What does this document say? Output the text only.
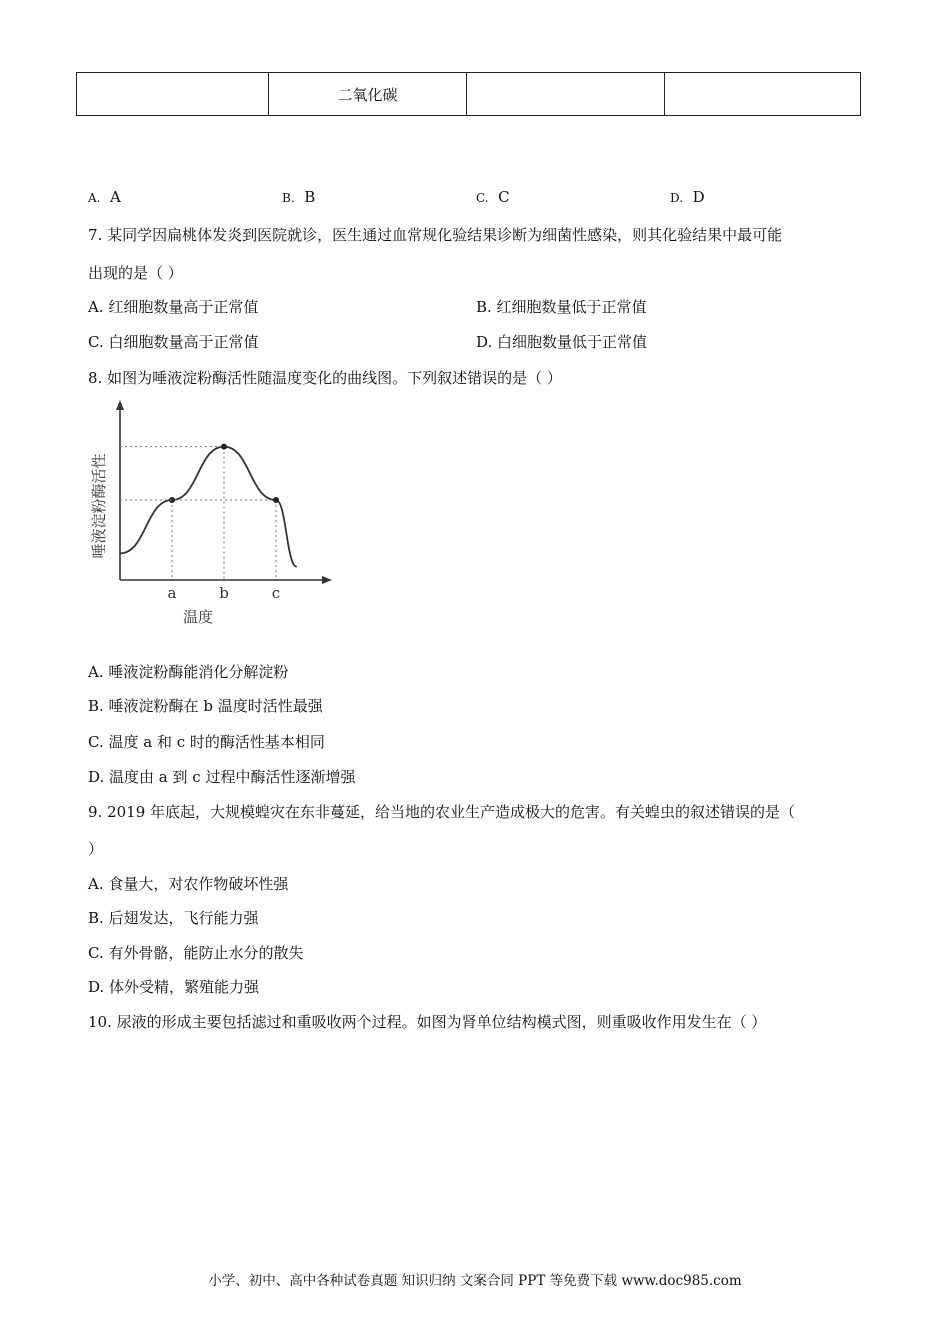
	二氧化碳		
A. A	B. B	C. C	D. D
7. 某同学因扁桃体发炎到医院就诊，医生通过血常规化验结果诊断为细菌性感染，则其化验结果中最可能
出现的是（ ）
A. 红细胞数量高于正常值	B. 红细胞数量低于正常值
C. 白细胞数量高于正常值	D. 白细胞数量低于正常值
8. 如图为唾液淀粉酶活性随温度变化的曲线图。下列叙述错误的是（ ）
a	b	c
唾液淀粉酶活性
温度
A. 唾液淀粉酶能消化分解淀粉
B. 唾液淀粉酶在 b 温度时活性最强
C. 温度 a 和 c 时的酶活性基本相同
D. 温度由 a 到 c 过程中酶活性逐渐增强
9. 2019 年底起，大规模蝗灾在东非蔓延，给当地的农业生产造成极大的危害。有关蝗虫的叙述错误的是（
）
A. 食量大，对农作物破坏性强
B. 后翅发达，飞行能力强
C. 有外骨骼，能防止水分的散失
D. 体外受精，繁殖能力强
10. 尿液的形成主要包括滤过和重吸收两个过程。如图为肾单位结构模式图，则重吸收作用发生在（ ）
小学、初中、高中各种试卷真题 知识归纳 文案合同 PPT 等免费下载 www.doc985.com
